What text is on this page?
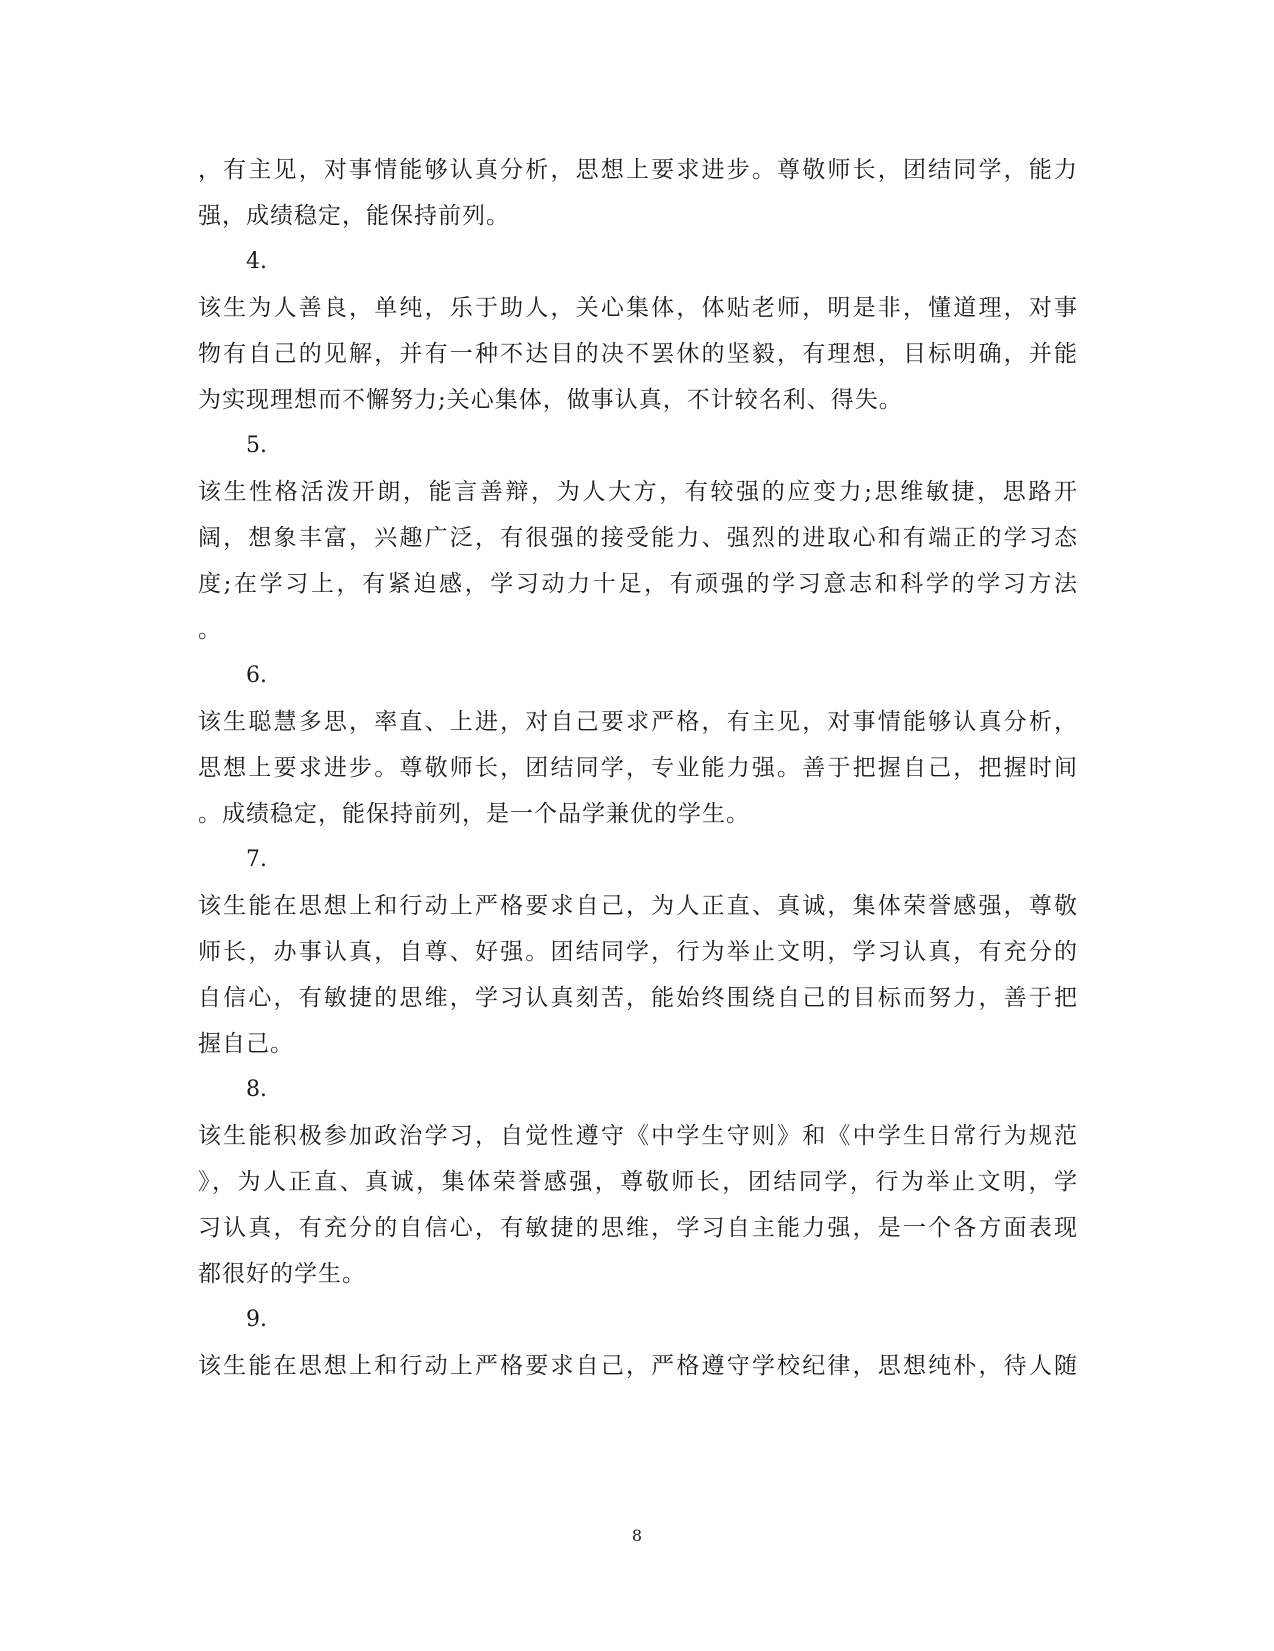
，有主见，对事情能够认真分析，思想上要求进步。尊敬师长，团结同学，能力
强，成绩稳定，能保持前列。
4.
该生为人善良，单纯，乐于助人，关心集体，体贴老师，明是非，懂道理，对事
物有自己的见解，并有一种不达目的决不罢休的坚毅，有理想，目标明确，并能
为实现理想而不懈努力;关心集体，做事认真，不计较名利、得失。
5.
该生性格活泼开朗，能言善辩，为人大方，有较强的应变力;思维敏捷，思路开
阔，想象丰富，兴趣广泛，有很强的接受能力、强烈的进取心和有端正的学习态
度;在学习上，有紧迫感，学习动力十足，有顽强的学习意志和科学的学习方法
。
6.
该生聪慧多思，率直、上进，对自己要求严格，有主见，对事情能够认真分析，
思想上要求进步。尊敬师长，团结同学，专业能力强。善于把握自己，把握时间
。成绩稳定，能保持前列，是一个品学兼优的学生。
7.
该生能在思想上和行动上严格要求自己，为人正直、真诚，集体荣誉感强，尊敬
师长，办事认真，自尊、好强。团结同学，行为举止文明，学习认真，有充分的
自信心，有敏捷的思维，学习认真刻苦，能始终围绕自己的目标而努力，善于把
握自己。
8.
该生能积极参加政治学习，自觉性遵守《中学生守则》和《中学生日常行为规范
》，为人正直、真诚，集体荣誉感强，尊敬师长，团结同学，行为举止文明，学
习认真，有充分的自信心，有敏捷的思维，学习自主能力强，是一个各方面表现
都很好的学生。
9.
该生能在思想上和行动上严格要求自己，严格遵守学校纪律，思想纯朴，待人随
8
